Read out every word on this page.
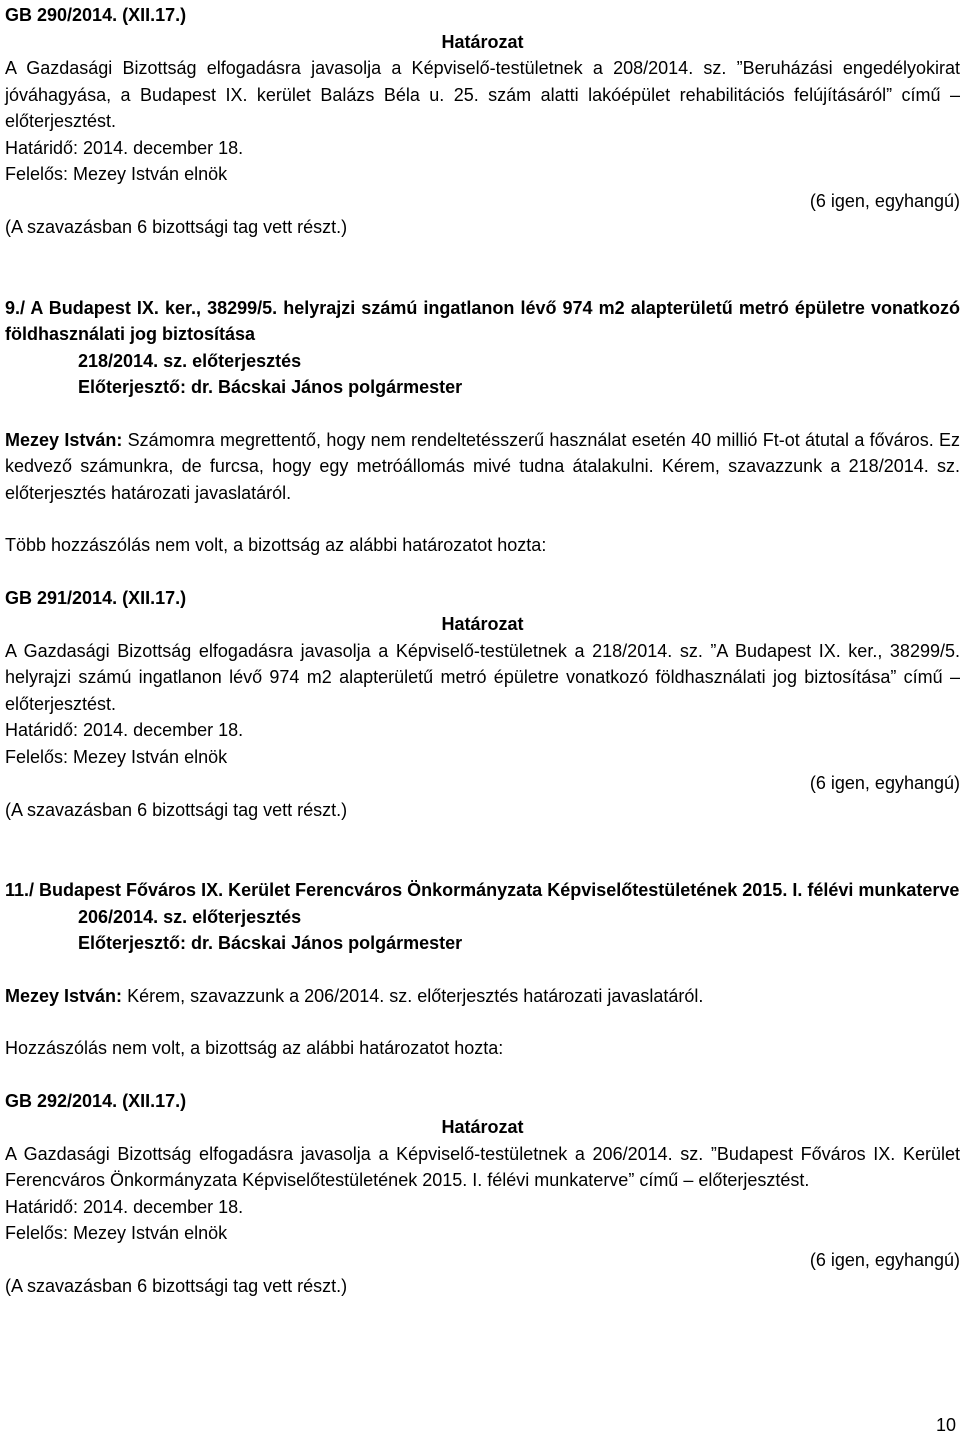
GB 290/2014. (XII.17.)

Határozat

A Gazdasági Bizottság elfogadásra javasolja a Képviselő-testületnek a 208/2014. sz. ”Beruházási engedélyokirat jóváhagyása, a Budapest IX. kerület Balázs Béla u. 25. szám alatti lakóépület rehabilitációs felújításáról” című – előterjesztést.

Határidő: 2014. december 18.

Felelős: Mezey István elnök

(6 igen, egyhangú)

(A szavazásban 6 bizottsági tag vett részt.)

9./ A Budapest IX. ker., 38299/5. helyrajzi számú ingatlanon lévő 974 m2 alapterületű metró épületre vonatkozó földhasználati jog biztosítása

218/2014. sz. előterjesztés

Előterjesztő: dr. Bácskai János polgármester

Mezey István: Számomra megrettentő, hogy nem rendeltetésszerű használat esetén 40 millió Ft-ot átutal a főváros. Ez kedvező számunkra, de furcsa, hogy egy metróállomás mivé tudna átalakulni. Kérem, szavazzunk a 218/2014. sz. előterjesztés határozati javaslatáról.

Több hozzászólás nem volt, a bizottság az alábbi határozatot hozta:

GB 291/2014. (XII.17.)

Határozat

A Gazdasági Bizottság elfogadásra javasolja a Képviselő-testületnek a 218/2014. sz. ”A Budapest IX. ker., 38299/5. helyrajzi számú ingatlanon lévő 974 m2 alapterületű metró épületre vonatkozó földhasználati jog biztosítása” című – előterjesztést.

Határidő: 2014. december 18.

Felelős: Mezey István elnök

(6 igen, egyhangú)

(A szavazásban 6 bizottsági tag vett részt.)

11./ Budapest Főváros IX. Kerület Ferencváros Önkormányzata Képviselőtestületének 2015. I. félévi munkaterve

206/2014. sz. előterjesztés

Előterjesztő: dr. Bácskai János polgármester

Mezey István: Kérem, szavazzunk a 206/2014. sz. előterjesztés határozati javaslatáról.

Hozzászólás nem volt, a bizottság az alábbi határozatot hozta:

GB 292/2014. (XII.17.)

Határozat

A Gazdasági Bizottság elfogadásra javasolja a Képviselő-testületnek a 206/2014. sz. ”Budapest Főváros IX. Kerület Ferencváros Önkormányzata Képviselőtestületének 2015. I. félévi munkaterve” című – előterjesztést.

Határidő: 2014. december 18.

Felelős: Mezey István elnök

(6 igen, egyhangú)

(A szavazásban 6 bizottsági tag vett részt.)

10
